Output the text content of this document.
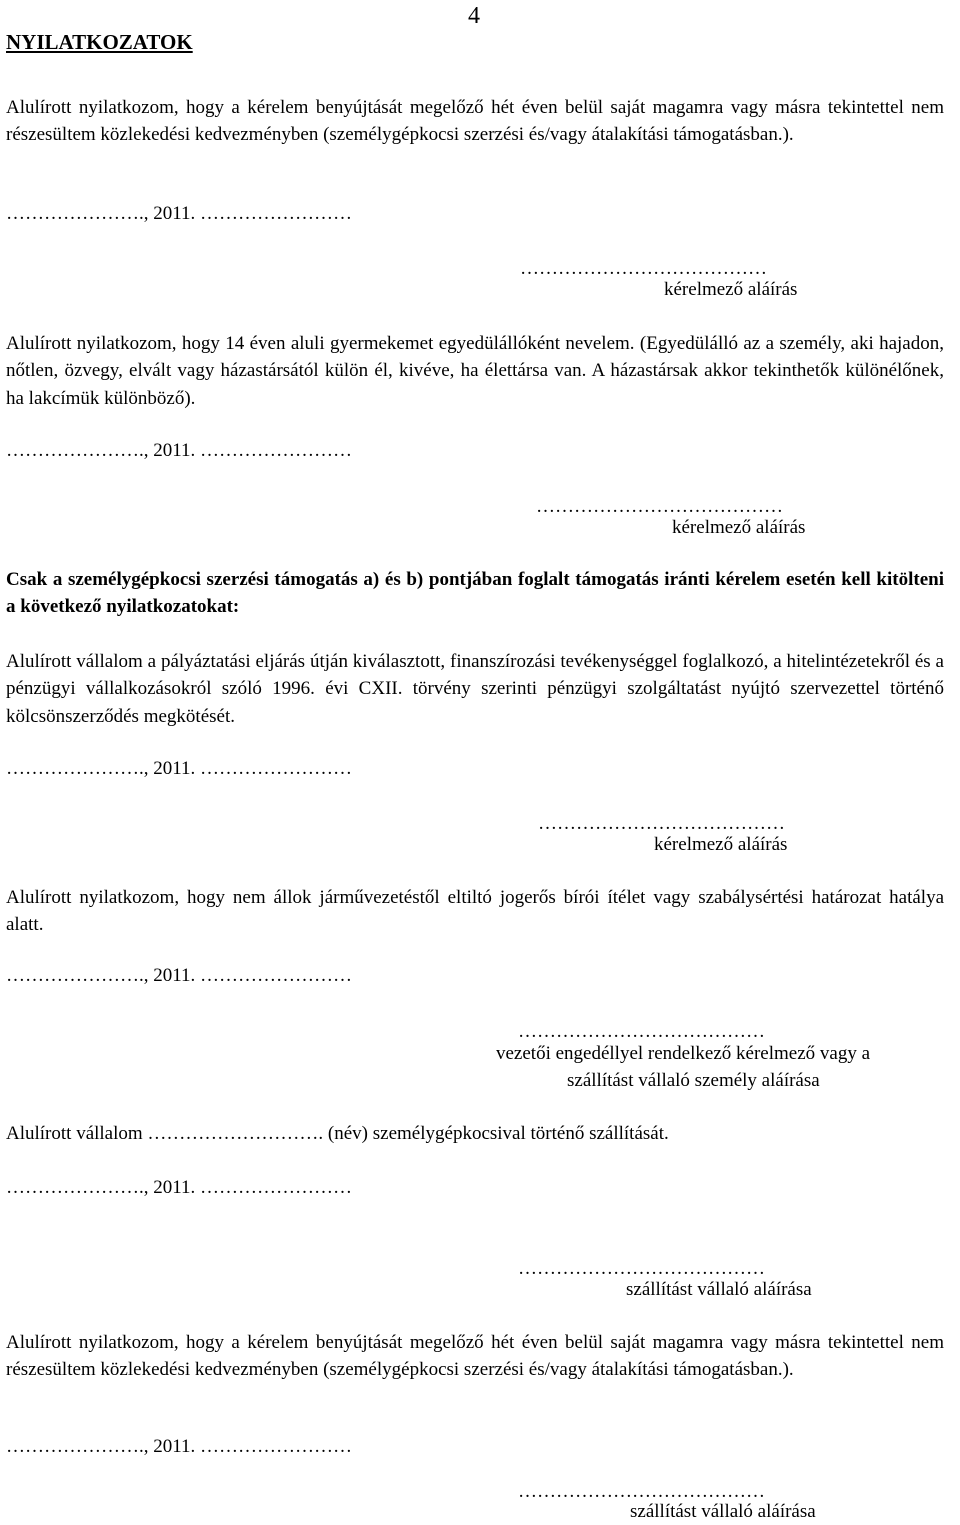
4
NYILATKOZATOK
Alulírott nyilatkozom, hogy a kérelem benyújtását megelőző hét éven belül saját magamra vagy másra tekintettel nem részesültem közlekedési kedvezményben (személygépkocsi szerzési és/vagy átalakítási támogatásban.).
…………………., 2011. ……………………
…………………………………
kérelmező aláírás
Alulírott nyilatkozom, hogy 14 éven aluli gyermekemet egyedülállóként nevelem. (Egyedülálló az a személy, aki hajadon, nőtlen, özvegy, elvált vagy házastársától külön él, kivéve, ha élettársa van. A házastársak akkor tekinthetők különélőnek, ha lakcímük különböző).
…………………., 2011. ……………………
…………………………………
kérelmező aláírás
Csak a személygépkocsi szerzési támogatás a) és b) pontjában foglalt támogatás iránti kérelem esetén kell kitölteni a következő nyilatkozatokat:
Alulírott vállalom a pályáztatási eljárás útján kiválasztott, finanszírozási tevékenységgel foglalkozó, a hitelintézetekről és a pénzügyi vállalkozásokról szóló 1996. évi CXII. törvény szerinti pénzügyi szolgáltatást nyújtó szervezettel történő kölcsönszerződés megkötését.
…………………., 2011. ……………………
…………………………………
kérelmező aláírás
Alulírott nyilatkozom, hogy nem állok járművezetéstől eltiltó jogerős bírói ítélet vagy szabálysértési határozat hatálya alatt.
…………………., 2011. ……………………
…………………………………
vezetői engedéllyel rendelkező kérelmező vagy a
szállítást vállaló személy aláírása
Alulírott vállalom ………………………. (név) személygépkocsival történő szállítását.
…………………., 2011. ……………………
…………………………………
szállítást vállaló aláírása
Alulírott nyilatkozom, hogy a kérelem benyújtását megelőző hét éven belül saját magamra vagy másra tekintettel nem részesültem közlekedési kedvezményben (személygépkocsi szerzési és/vagy átalakítási támogatásban.).
…………………., 2011. ……………………
…………………………………
szállítást vállaló aláírása
